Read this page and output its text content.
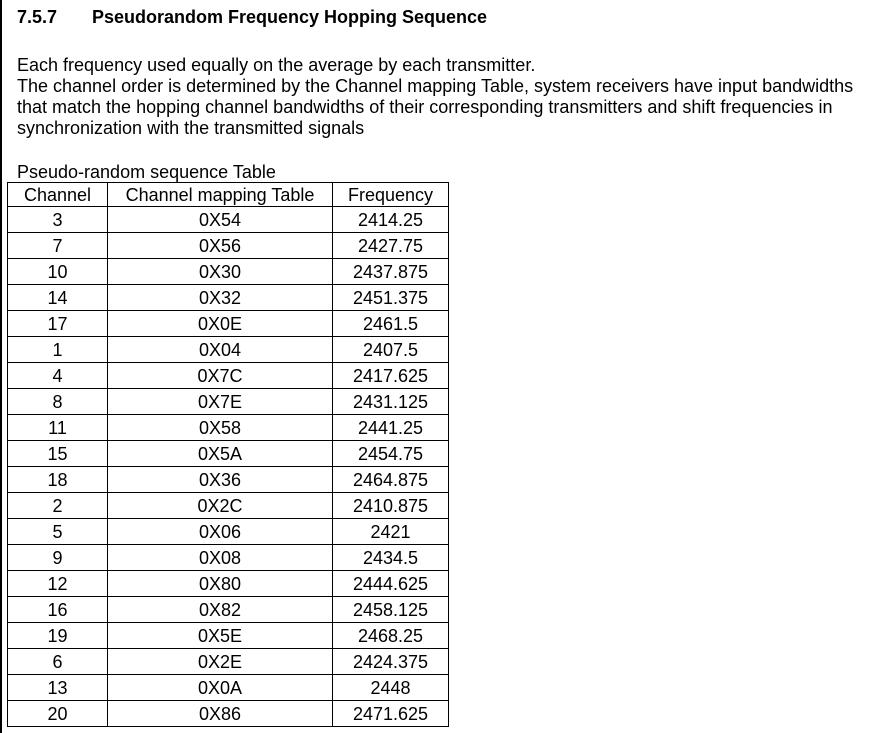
7.5.7 Pseudorandom Frequency Hopping Sequence

Each frequency used equally on the average by each transmitter.

The channel order is determined by the Channel mapping Table, system receivers have input bandwidths that match the hopping channel bandwidths of their corresponding transmitters and shift frequencies in synchronization with the transmitted signals

Pseudo-random sequence Table
Channel	Channel mapping Table	Frequency
3	0X54	2414.25
7	0X56	2427.75
10	0X30	2437.875
14	0X32	2451.375
17	0X0E	2461.5
1	0X04	2407.5
4	0X7C	2417.625
8	0X7E	2431.125
11	0X58	2441.25
15	0X5A	2454.75
18	0X36	2464.875
2	0X2C	2410.875
5	0X06	2421
9	0X08	2434.5
12	0X80	2444.625
16	0X82	2458.125
19	0X5E	2468.25
6	0X2E	2424.375
13	0X0A	2448
20	0X86	2471.625
